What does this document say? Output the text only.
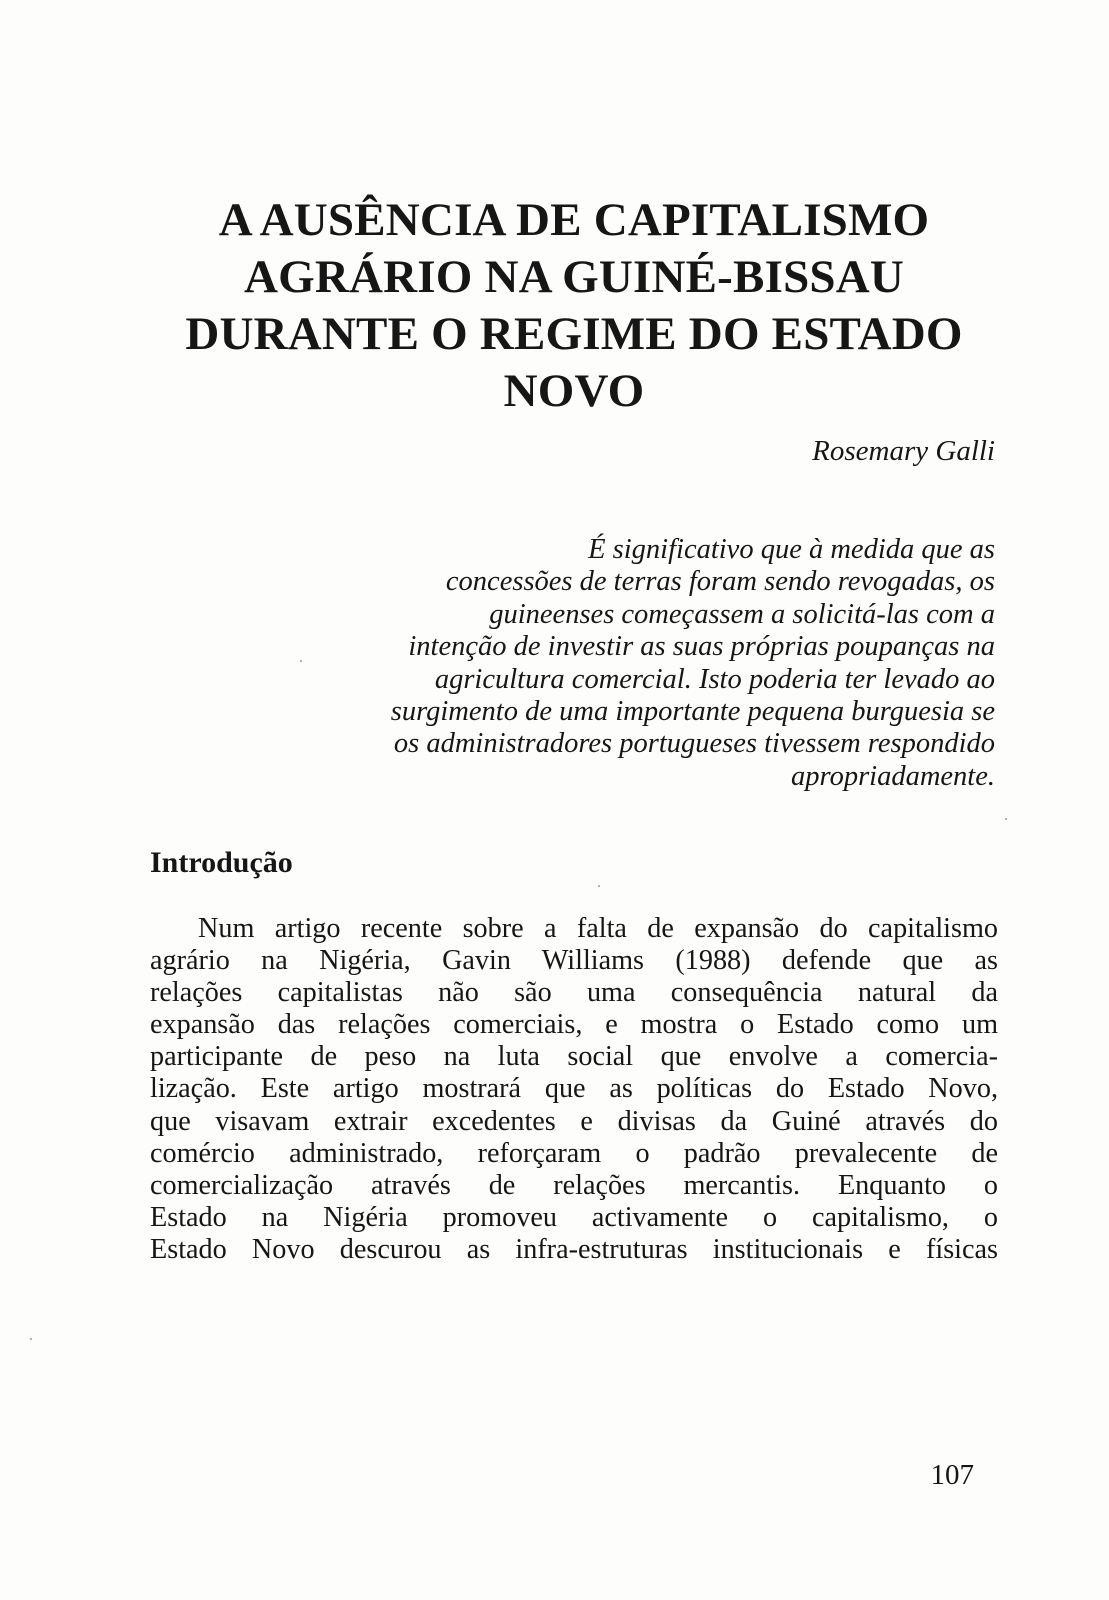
A AUSÊNCIA DE CAPITALISMO
AGRÁRIO NA GUINÉ-BISSAU
DURANTE O REGIME DO ESTADO
NOVO
Rosemary Galli
É significativo que à medida que as
concessões de terras foram sendo revogadas, os
guineenses começassem a solicitá-las com a
intenção de investir as suas próprias poupanças na
agricultura comercial. Isto poderia ter levado ao
surgimento de uma importante pequena burguesia se
os administradores portugueses tivessem respondido
apropriadamente.
Introdução
Num artigo recente sobre a falta de expansão do capitalismo
agrário na Nigéria, Gavin Williams (1988) defende que as
relações capitalistas não são uma consequência natural da
expansão das relações comerciais, e mostra o Estado como um
participante de peso na luta social que envolve a comercia-
lização. Este artigo mostrará que as políticas do Estado Novo,
que visavam extrair excedentes e divisas da Guiné através do
comércio administrado, reforçaram o padrão prevalecente de
comercialização através de relações mercantis. Enquanto o
Estado na Nigéria promoveu activamente o capitalismo, o
Estado Novo descurou as infra-estruturas institucionais e físicas
107
